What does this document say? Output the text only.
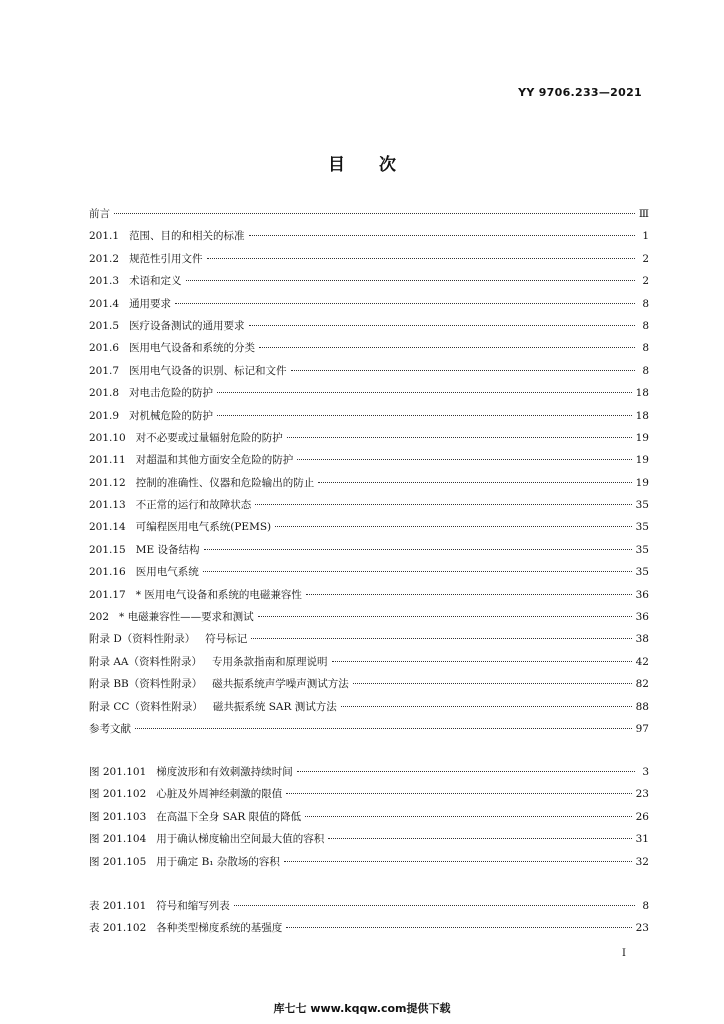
YY 9706.233—2021
目次
前言	Ⅲ
201.1 范围、目的和相关的标准	1
201.2 规范性引用文件	2
201.3 术语和定义	2
201.4 通用要求	8
201.5 医疗设备测试的通用要求	8
201.6 医用电气设备和系统的分类	8
201.7 医用电气设备的识别、标记和文件	8
201.8 对电击危险的防护	18
201.9 对机械危险的防护	18
201.10 对不必要或过量辐射危险的防护	19
201.11 对超温和其他方面安全危险的防护	19
201.12 控制的准确性、仪器和危险输出的防止	19
201.13 不正常的运行和故障状态	35
201.14 可编程医用电气系统(PEMS)	35
201.15 ME 设备结构	35
201.16 医用电气系统	35
201.17 * 医用电气设备和系统的电磁兼容性	36
202 * 电磁兼容性——要求和测试	36
附录 D（资料性附录） 符号标记	38
附录 AA（资料性附录） 专用条款指南和原理说明	42
附录 BB（资料性附录） 磁共振系统声学噪声测试方法	82
附录 CC（资料性附录） 磁共振系统 SAR 测试方法	88
参考文献	97
图 201.101 梯度波形和有效刺激持续时间	3
图 201.102 心脏及外周神经刺激的限值	23
图 201.103 在高温下全身 SAR 限值的降低	26
图 201.104 用于确认梯度输出空间最大值的容积	31
图 201.105 用于确定 B₁ 杂散场的容积	32
表 201.101 符号和缩写列表	8
表 201.102 各种类型梯度系统的基强度	23
Ⅰ
库七七 www.kqqw.com提供下载
